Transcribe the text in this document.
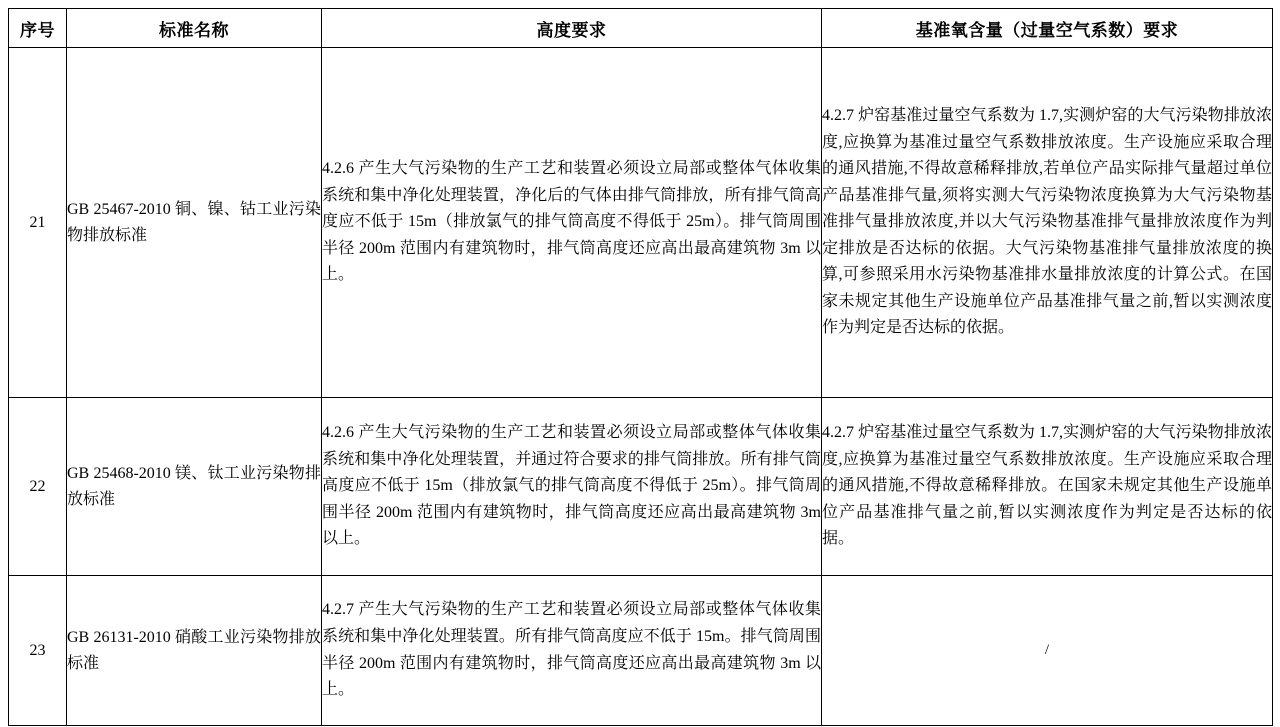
序号	标准名称	高度要求	基准氧含量（过量空气系数）要求
21	GB 25467-2010 铜、镍、钴工业污染物排放标准	4.2.6 产生大气污染物的生产工艺和装置必须设立局部或整体气体收集系统和集中净化处理装置，净化后的气体由排气筒排放，所有排气筒高度应不低于 15m（排放氯气的排气筒高度不得低于 25m）。排气筒周围半径 200m 范围内有建筑物时，排气筒高度还应高出最高建筑物 3m 以上。	4.2.7 炉窑基准过量空气系数为 1.7,实测炉窑的大气污染物排放浓度,应换算为基准过量空气系数排放浓度。生产设施应采取合理的通风措施,不得故意稀释排放,若单位产品实际排气量超过单位产品基准排气量,须将实测大气污染物浓度换算为大气污染物基准排气量排放浓度,并以大气污染物基准排气量排放浓度作为判定排放是否达标的依据。大气污染物基准排气量排放浓度的换算,可参照采用水污染物基准排水量排放浓度的计算公式。在国家未规定其他生产设施单位产品基准排气量之前,暂以实测浓度作为判定是否达标的依据。

22	GB 25468-2010 镁、钛工业污染物排放标准	4.2.6 产生大气污染物的生产工艺和装置必须设立局部或整体气体收集系统和集中净化处理装置，并通过符合要求的排气筒排放。所有排气筒高度应不低于 15m（排放氯气的排气筒高度不得低于 25m）。排气筒周围半径 200m 范围内有建筑物时，排气筒高度还应高出最高建筑物 3m 以上。	4.2.7 炉窑基准过量空气系数为 1.7,实测炉窑的大气污染物排放浓度,应换算为基准过量空气系数排放浓度。生产设施应采取合理的通风措施,不得故意稀释排放。在国家未规定其他生产设施单位产品基准排气量之前,暂以实测浓度作为判定是否达标的依据。

23	GB 26131-2010 硝酸工业污染物排放标准	4.2.7 产生大气污染物的生产工艺和装置必须设立局部或整体气体收集系统和集中净化处理装置。所有排气筒高度应不低于 15m。排气筒周围半径 200m 范围内有建筑物时，排气筒高度还应高出最高建筑物 3m 以上。	/
